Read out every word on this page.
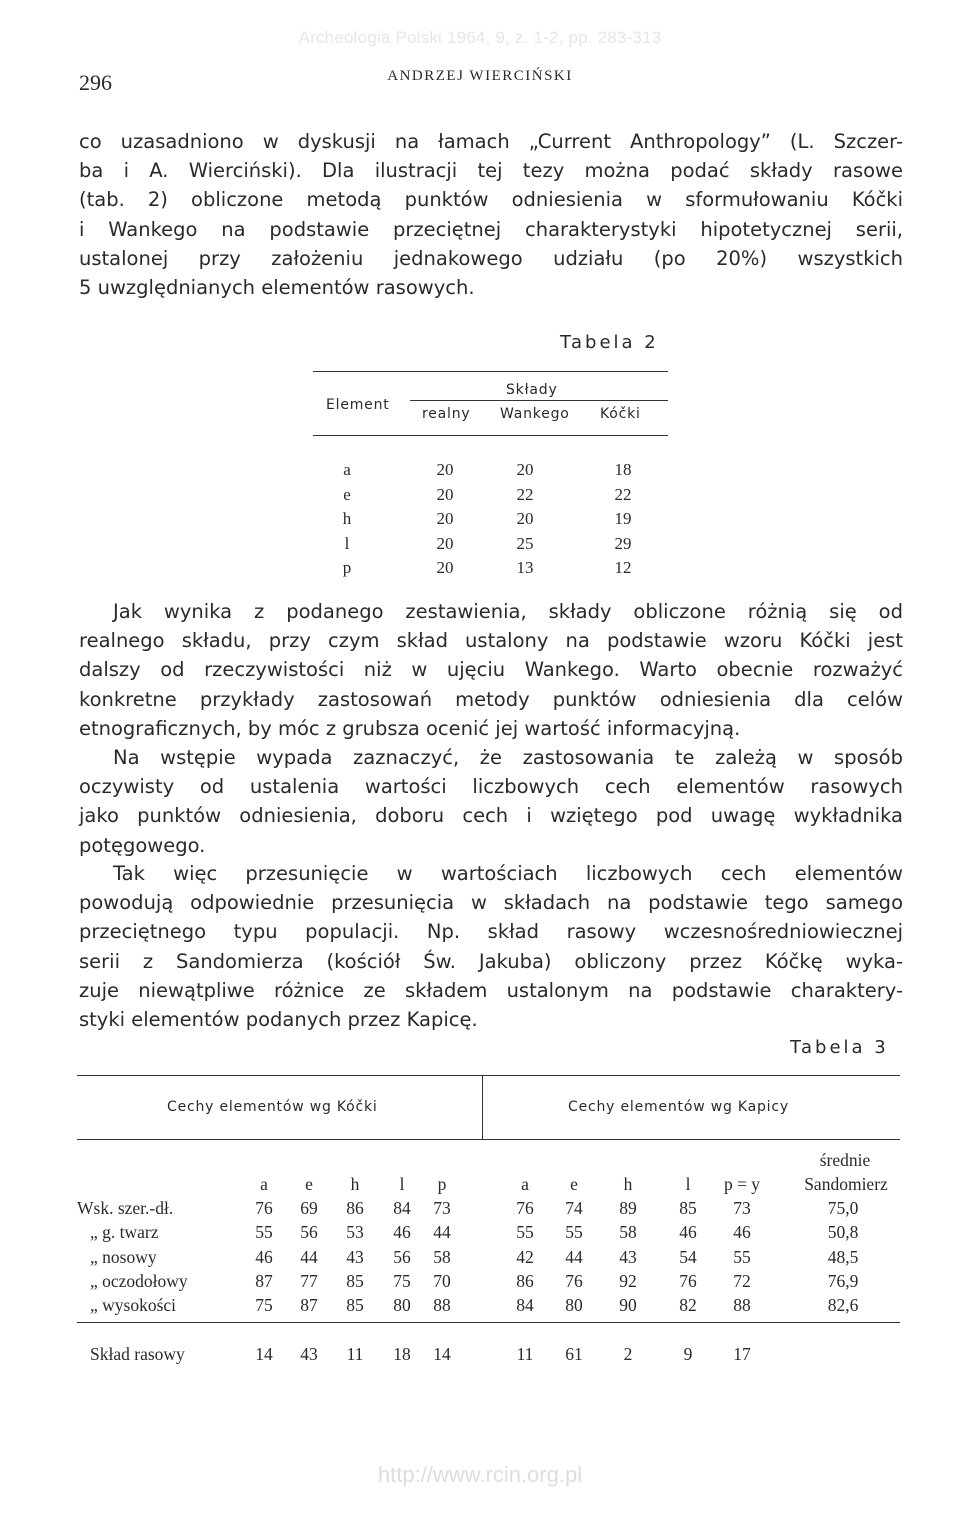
Archeologia Polski 1964, 9, z. 1-2, pp. 283-313
296	ANDRZEJ WIERCIŃSKI
co uzasadniono w dyskusji na łamach „Current Anthropology” (L. Szczer-
ba i A. Wierciński). Dla ilustracji tej tezy można podać składy rasowe
(tab. 2) obliczone metodą punktów odniesienia w sformułowaniu Kóčki
i Wankego na podstawie przeciętnej charakterystyki hipotetycznej serii,
ustalonej przy założeniu jednakowego udziału (po 20%) wszystkich
5 uwzględnianych elementów rasowych.
Tabela 2
Element
Składy
realny Wankego Kóčki
a	20	20	18
e	20	22	22
h	20	20	19
l	20	25	29
p	20	13	12
Jak wynika z podanego zestawienia, składy obliczone różnią się od
realnego składu, przy czym skład ustalony na podstawie wzoru Kóčki jest
dalszy od rzeczywistości niż w ujęciu Wankego. Warto obecnie rozważyć
konkretne przykłady zastosowań metody punktów odniesienia dla celów
etnograficznych, by móc z grubsza ocenić jej wartość informacyjną.
Na wstępie wypada zaznaczyć, że zastosowania te zależą w sposób
oczywisty od ustalenia wartości liczbowych cech elementów rasowych
jako punktów odniesienia, doboru cech i wziętego pod uwagę wykładnika
potęgowego.
Tak więc przesunięcie w wartościach liczbowych cech elementów
powodują odpowiednie przesunięcia w składach na podstawie tego samego
przeciętnego typu populacji. Np. skład rasowy wczesnośredniowiecznej
serii z Sandomierza (kościół Św. Jakuba) obliczony przez Kóčkę wyka-
zuje niewątpliwe różnice ze składem ustalonym na podstawie charaktery-
styki elementów podanych przez Kapicę.
Tabela 3
Cechy elementów wg Kóčki	Cechy elementów wg Kapicy
średnie
a	e	h	l	p	a	e	h	l	p = y	Sandomierz
Wsk. szer.-dł.	76	69	86	84	73	76	74	89	85	73	75,0
„ g. twarz	55	56	53	46	44	55	55	58	46	46	50,8
„ nosowy	46	44	43	56	58	42	44	43	54	55	48,5
„ oczodołowy	87	77	85	75	70	86	76	92	76	72	76,9
„ wysokości	75	87	85	80	88	84	80	90	82	88	82,6
Skład rasowy	14	43	11	18	14	11	61	2	9	17
http://www.rcin.org.pl
